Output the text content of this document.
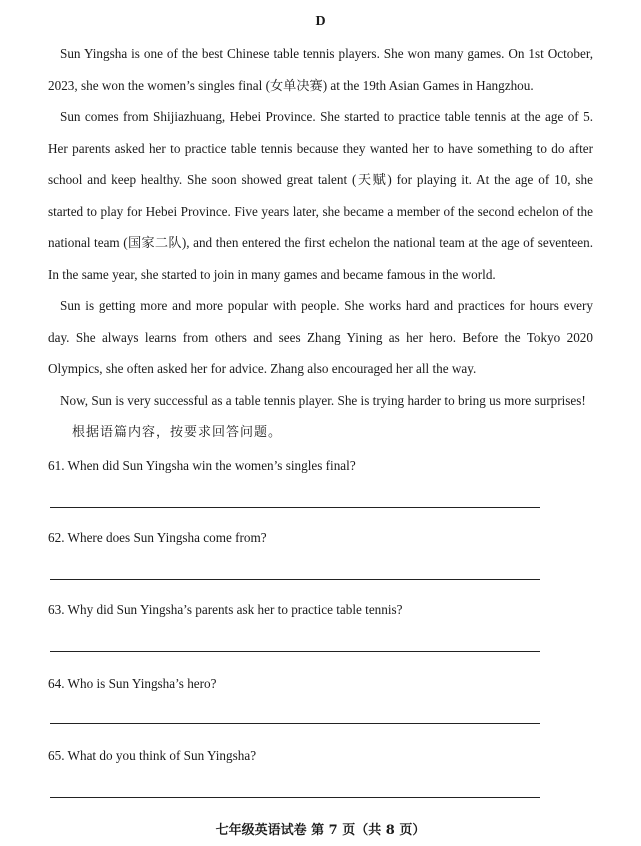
D
Sun Yingsha is one of the best Chinese table tennis players. She won many games. On 1st October, 2023, she won the women’s singles final (女单决赛) at the 19th Asian Games in Hangzhou.
Sun comes from Shijiazhuang, Hebei Province. She started to practice table tennis at the age of 5. Her parents asked her to practice table tennis because they wanted her to have something to do after school and keep healthy. She soon showed great talent (天赋) for playing it. At the age of 10, she started to play for Hebei Province. Five years later, she became a member of the second echelon of the national team (国家二队), and then entered the first echelon the national team at the age of seventeen. In the same year, she started to join in many games and became famous in the world.
Sun is getting more and more popular with people. She works hard and practices for hours every day. She always learns from others and sees Zhang Yining as her hero. Before the Tokyo 2020 Olympics, she often asked her for advice. Zhang also encouraged her all the way.
Now, Sun is very successful as a table tennis player. She is trying harder to bring us more surprises!
根据语篇内容，按要求回答问题。
61. When did Sun Yingsha win the women’s singles final?
62. Where does Sun Yingsha come from?
63. Why did Sun Yingsha’s parents ask her to practice table tennis?
64. Who is Sun Yingsha’s hero?
65. What do you think of Sun Yingsha?
七年级英语试卷 第 7 页（共 8 页）
